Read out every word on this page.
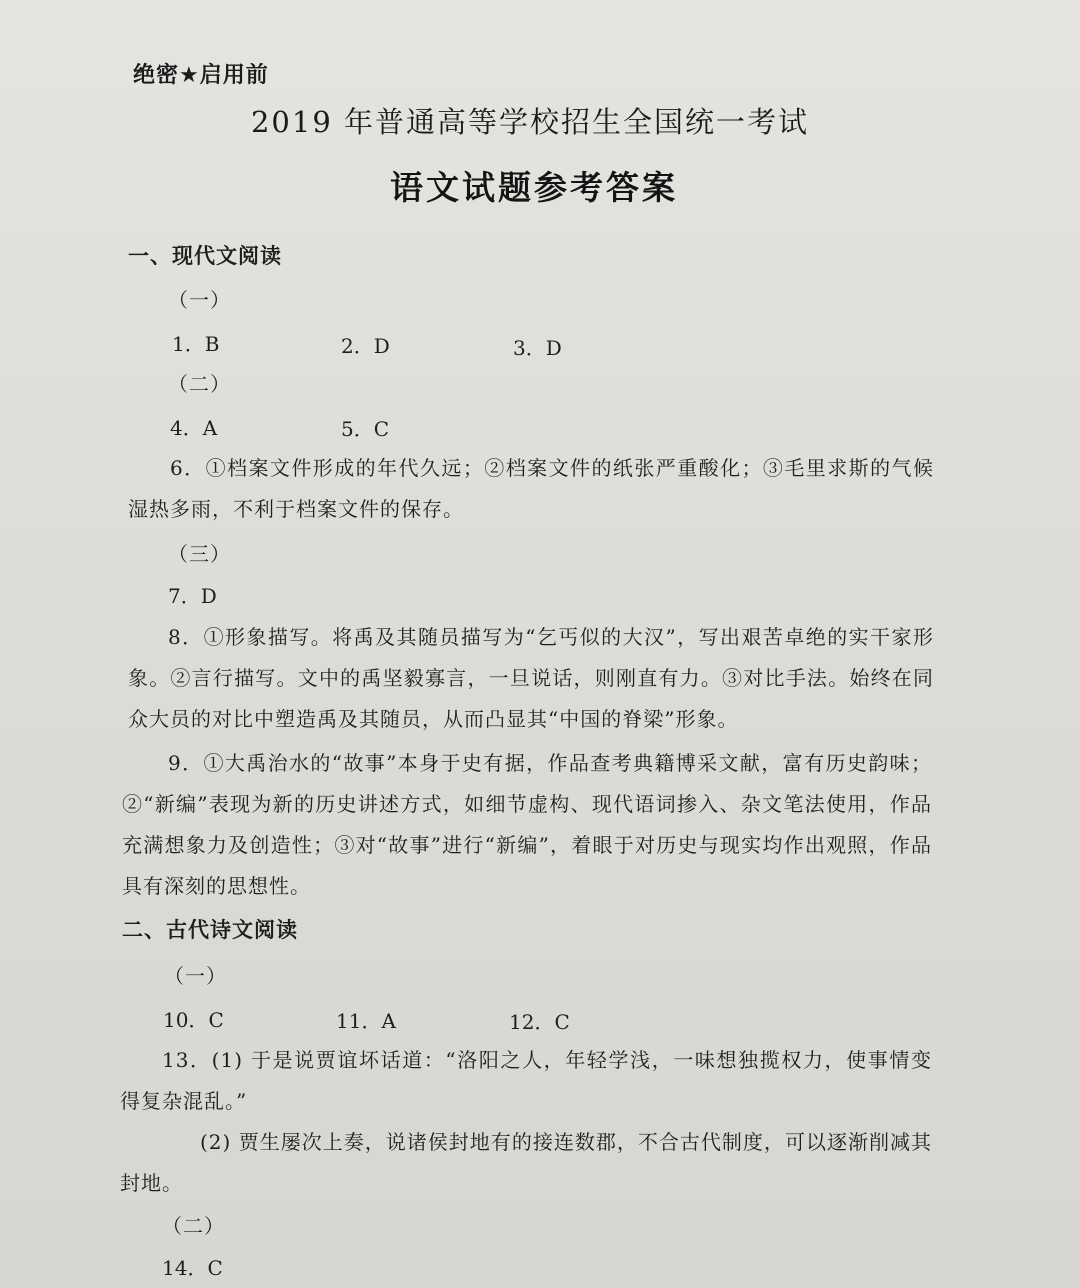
绝密★启用前
2019 年普通高等学校招生全国统一考试
语文试题参考答案
一、现代文阅读
（一）
1．B	2．D	3．D
（二）
4．A	5．C
6．①档案文件形成的年代久远；②档案文件的纸张严重酸化；③毛里求斯的气候湿热多雨，不利于档案文件的保存。
（三）
7．D
8．①形象描写。将禹及其随员描写为“乞丐似的大汉”，写出艰苦卓绝的实干家形象。②言行描写。文中的禹坚毅寡言，一旦说话，则刚直有力。③对比手法。始终在同众大员的对比中塑造禹及其随员，从而凸显其“中国的脊梁”形象。
9．①大禹治水的“故事”本身于史有据，作品查考典籍博采文献，富有历史韵味；②“新编”表现为新的历史讲述方式，如细节虚构、现代语词掺入、杂文笔法使用，作品充满想象力及创造性；③对“故事”进行“新编”，着眼于对历史与现实均作出观照，作品具有深刻的思想性。
二、古代诗文阅读
（一）
10．C	11．A	12．C
13．(1) 于是说贾谊坏话道：“洛阳之人，年轻学浅，一味想独揽权力，使事情变得复杂混乱。”
(2) 贾生屡次上奏，说诸侯封地有的接连数郡，不合古代制度，可以逐渐削减其封地。
（二）
14．C
